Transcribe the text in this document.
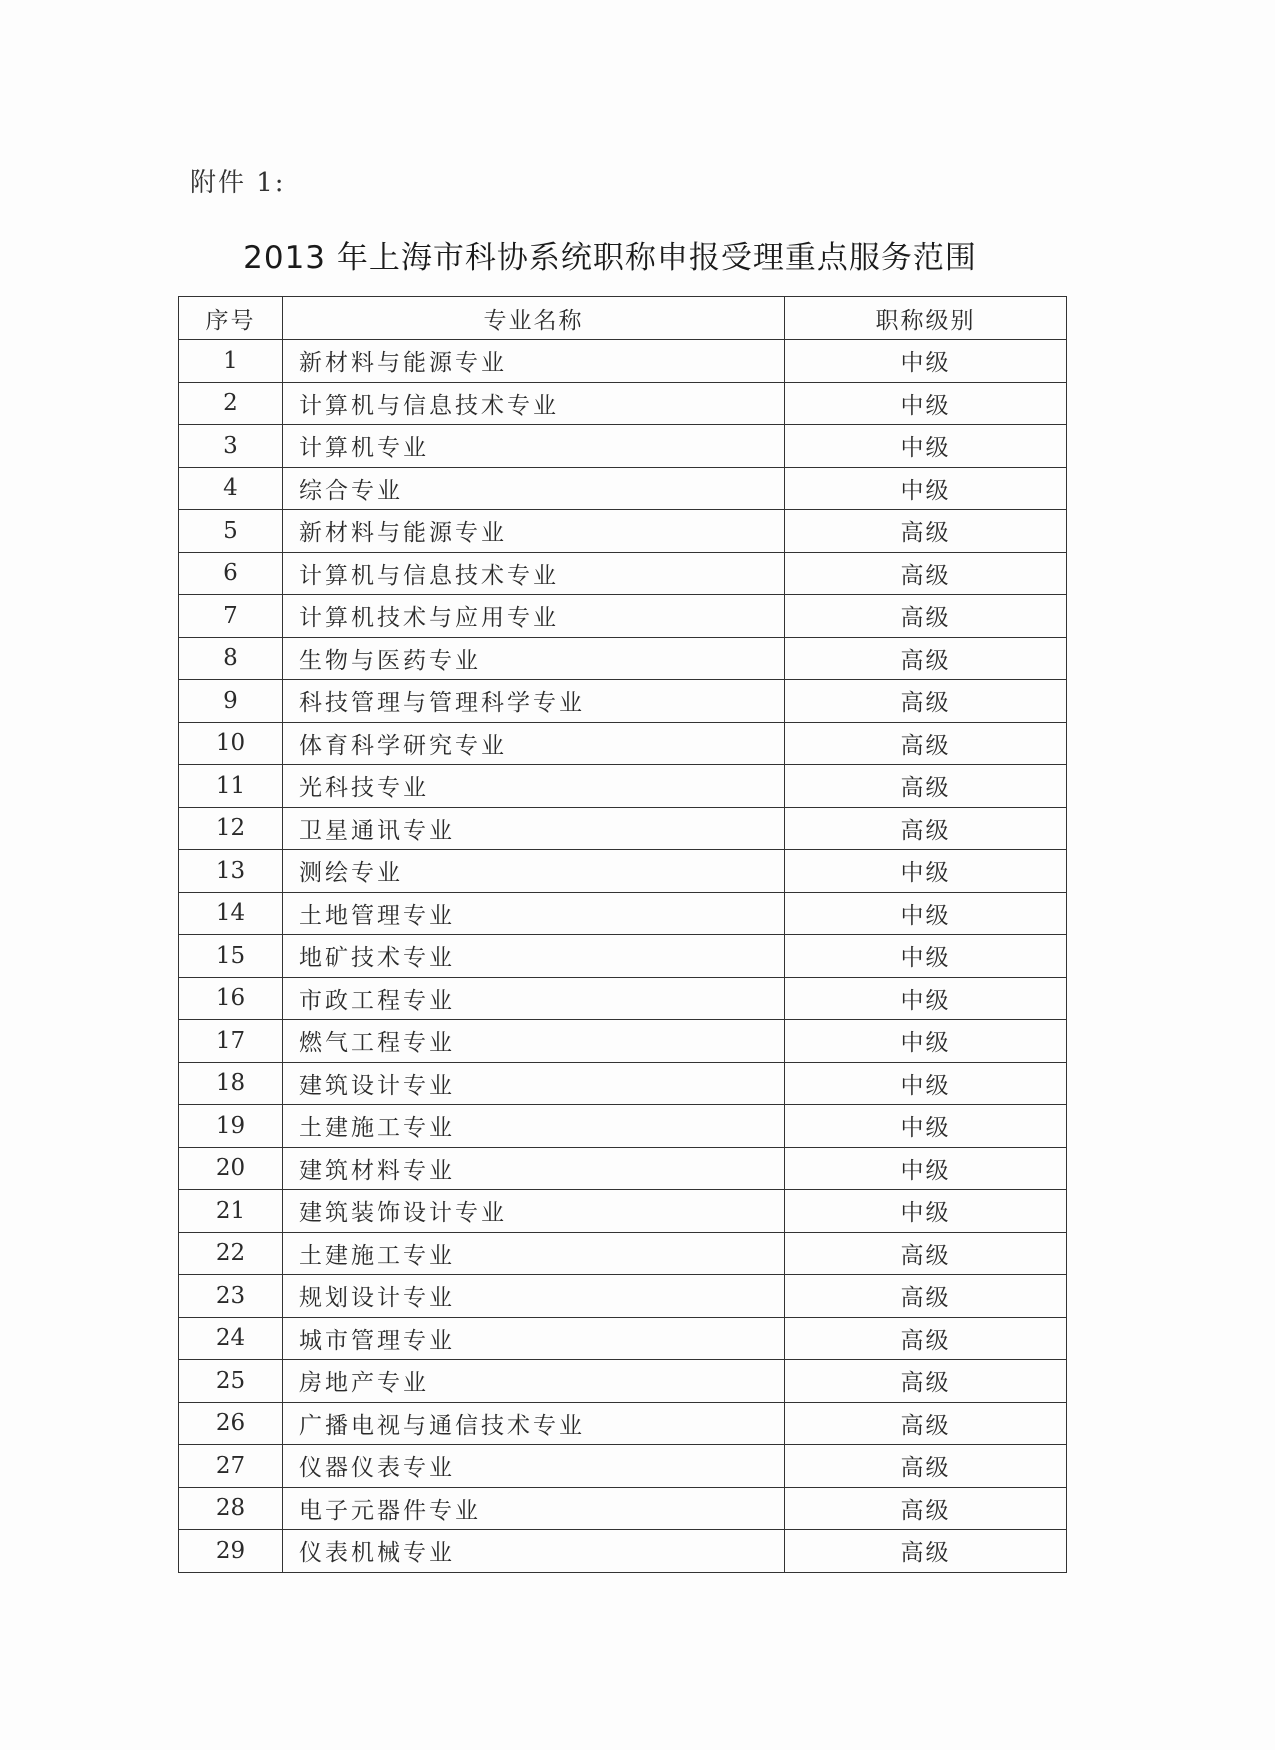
附件 1:
2013 年上海市科协系统职称申报受理重点服务范围
序号	专业名称	职称级别
1	新材料与能源专业	中级
2	计算机与信息技术专业	中级
3	计算机专业	中级
4	综合专业	中级
5	新材料与能源专业	高级
6	计算机与信息技术专业	高级
7	计算机技术与应用专业	高级
8	生物与医药专业	高级
9	科技管理与管理科学专业	高级
10	体育科学研究专业	高级
11	光科技专业	高级
12	卫星通讯专业	高级
13	测绘专业	中级
14	土地管理专业	中级
15	地矿技术专业	中级
16	市政工程专业	中级
17	燃气工程专业	中级
18	建筑设计专业	中级
19	土建施工专业	中级
20	建筑材料专业	中级
21	建筑装饰设计专业	中级
22	土建施工专业	高级
23	规划设计专业	高级
24	城市管理专业	高级
25	房地产专业	高级
26	广播电视与通信技术专业	高级
27	仪器仪表专业	高级
28	电子元器件专业	高级
29	仪表机械专业	高级
